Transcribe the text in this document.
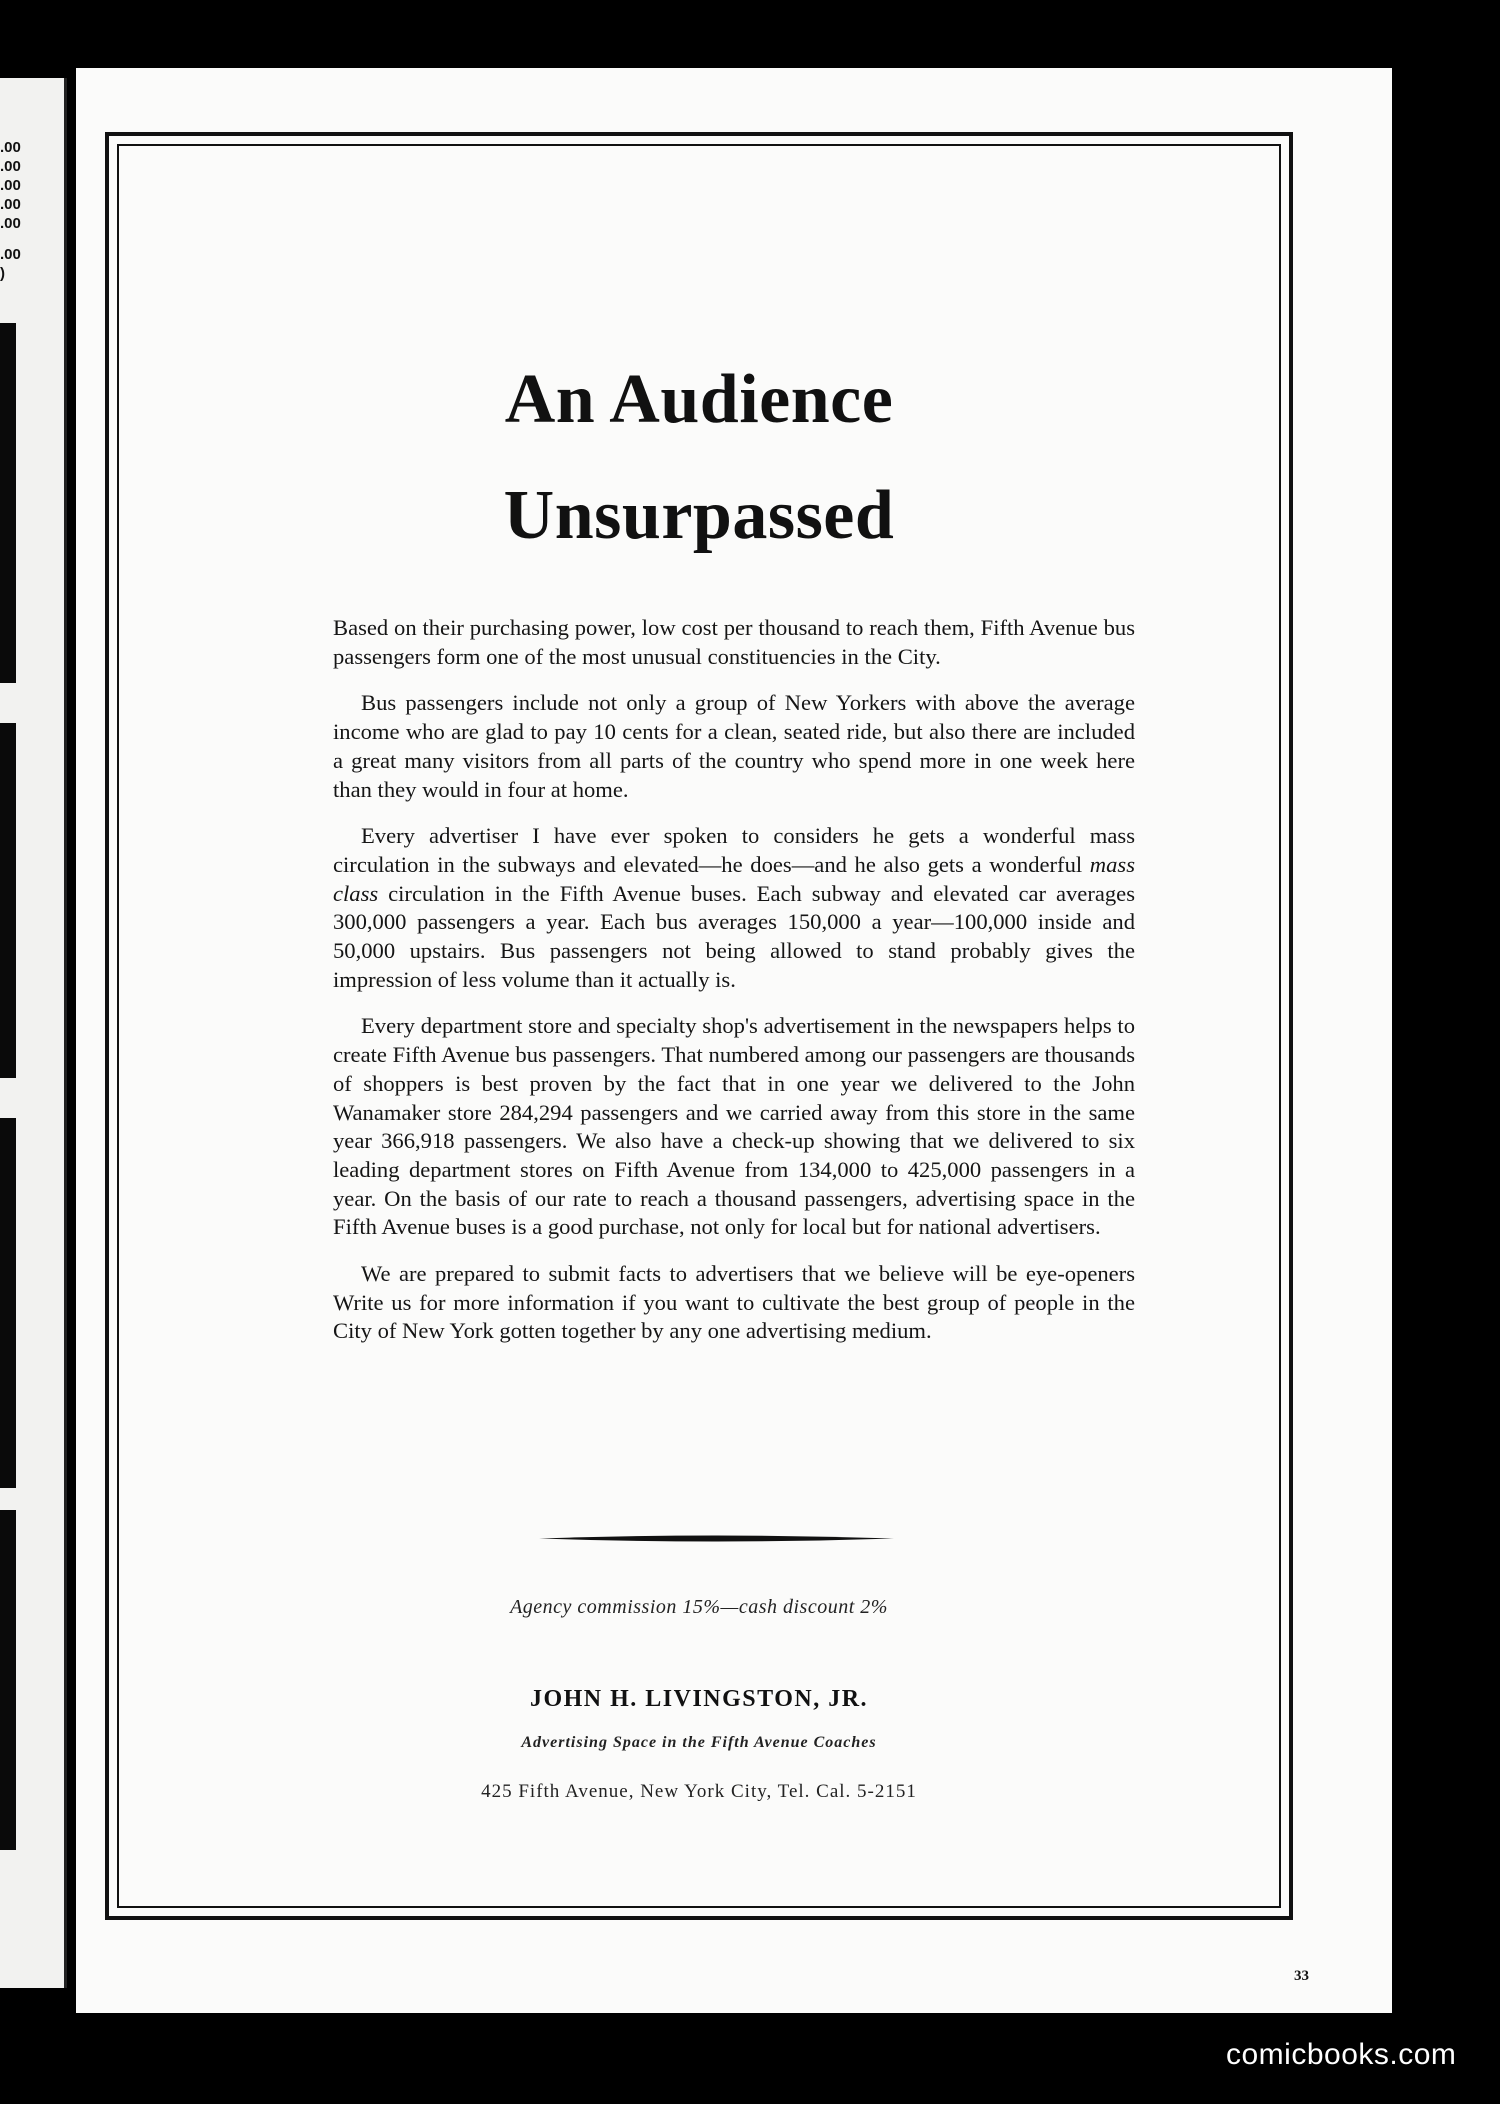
.00
.00
.00
.00
.00
.00
)
An Audience
Unsurpassed

Based on their purchasing power, low cost per thousand to reach them, Fifth Avenue bus passengers form one of the most unusual constituencies in the City.

Bus passengers include not only a group of New Yorkers with above the average income who are glad to pay 10 cents for a clean, seated ride, but also there are included a great many visitors from all parts of the country who spend more in one week here than they would in four at home.

Every advertiser I have ever spoken to considers he gets a wonderful mass circulation in the subways and elevated—he does—and he also gets a wonderful mass class circulation in the Fifth Avenue buses. Each subway and elevated car averages 300,000 passengers a year. Each bus averages 150,000 a year—100,000 inside and 50,000 upstairs. Bus passengers not being allowed to stand probably gives the impression of less volume than it actually is.

Every department store and specialty shop's advertisement in the newspapers helps to create Fifth Avenue bus passengers. That numbered among our passengers are thousands of shoppers is best proven by the fact that in one year we delivered to the John Wanamaker store 284,294 passengers and we carried away from this store in the same year 366,918 passengers. We also have a check-up showing that we delivered to six leading department stores on Fifth Avenue from 134,000 to 425,000 passengers in a year. On the basis of our rate to reach a thousand passengers, advertising space in the Fifth Avenue buses is a good purchase, not only for local but for national advertisers.

We are prepared to submit facts to advertisers that we believe will be eye-openers Write us for more information if you want to cultivate the best group of people in the City of New York gotten together by any one advertising medium.

Agency commission 15%—cash discount 2%
JOHN H. LIVINGSTON, JR.
Advertising Space in the Fifth Avenue Coaches
425 Fifth Avenue, New York City, Tel. Cal. 5-2151
33
comicbooks.com
